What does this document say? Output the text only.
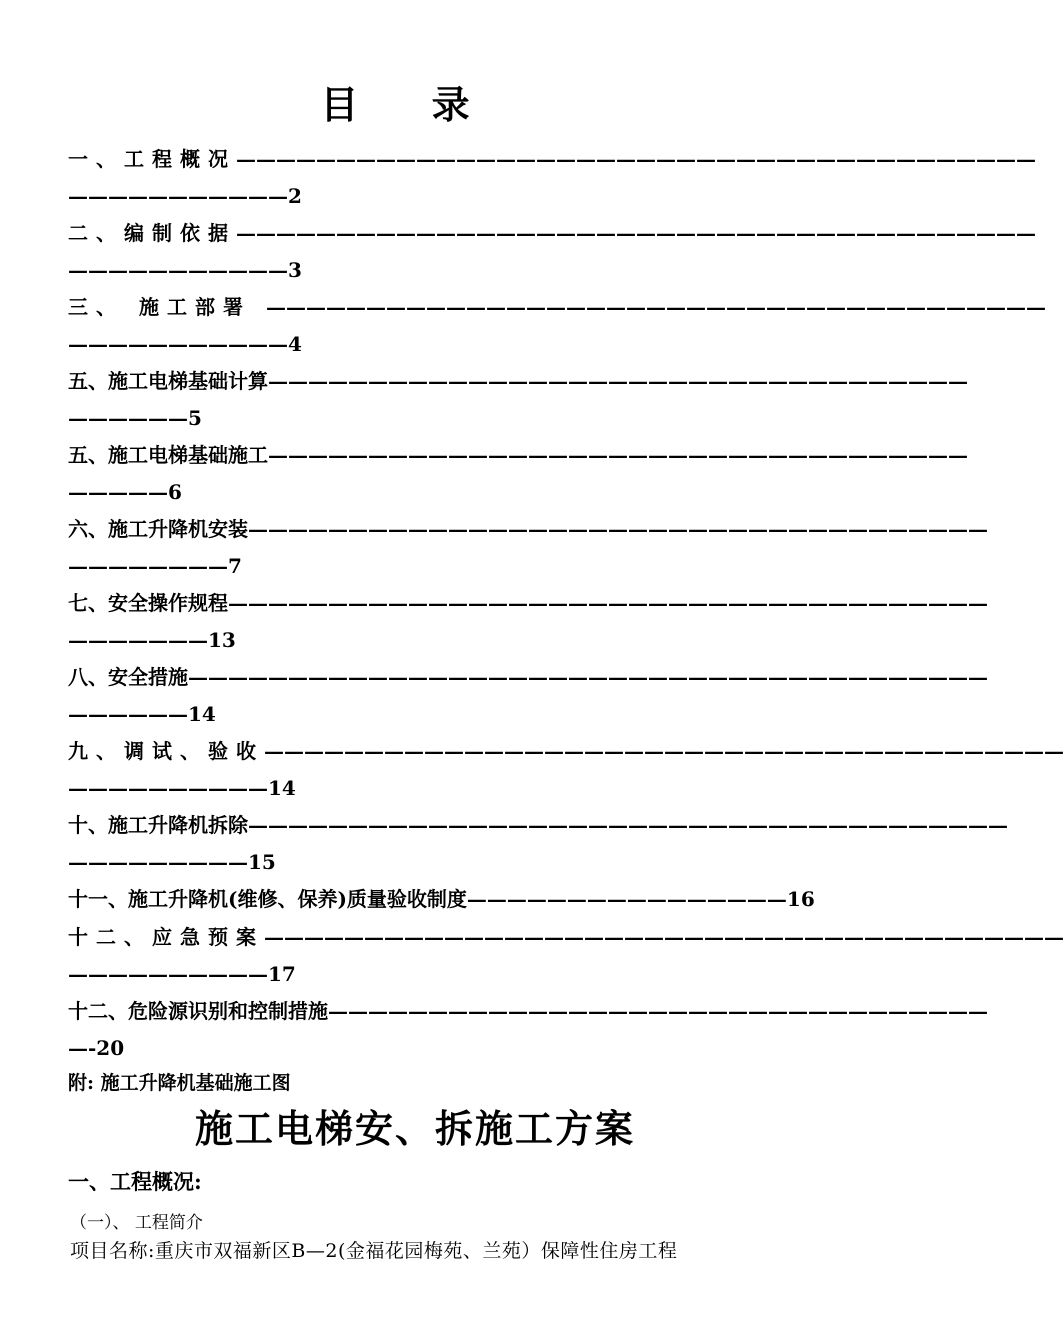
目 录
一、工程概况————————————————————————————————————————
———————————2
二、编制依据————————————————————————————————————————
———————————3
三、 施工部署 ———————————————————————————————————————
———————————4
五、施工电梯基础计算———————————————————————————————————
——————5
五、施工电梯基础施工———————————————————————————————————
—————6
六、施工升降机安装—————————————————————————————————————
————————7
七、安全操作规程——————————————————————————————————————
———————13
八、安全措施————————————————————————————————————————
——————14
九、调试、验收————————————————————————————————————————
——————————14
十、施工升降机拆除——————————————————————————————————————
—————————15
十一、施工升降机(维修、保养)质量验收制度————————————————16
十二、应急预案————————————————————————————————————————
——————————17
十二、危险源识别和控制措施—————————————————————————————————
—-20
附: 施工升降机基础施工图
施工电梯安、拆施工方案
一、工程概况:
（一）、 工程简介
项目名称:重庆市双福新区B—2(金福花园梅苑、兰苑）保障性住房工程
